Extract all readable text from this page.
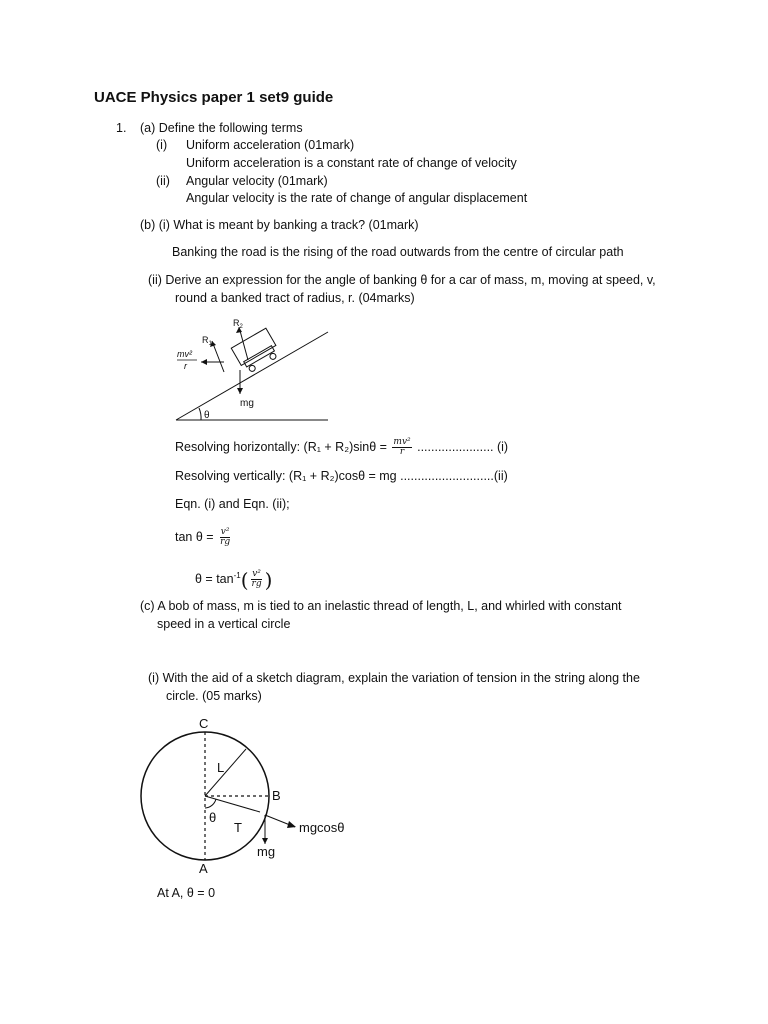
UACE Physics paper 1 set9 guide
1. (a) Define the following terms
(i) Uniform acceleration (01mark)
Uniform acceleration is a constant rate of change of velocity
(ii) Angular velocity (01mark)
Angular velocity is the rate of change of angular displacement
(b) (i) What is meant by banking a track? (01mark)
Banking the road is the rising of the road outwards from the centre of circular path
(ii) Derive an expression for the angle of banking θ for a car of mass, m, moving at speed, v,
round a banked tract of radius, r. (04marks)
θ
$R_2$
$R_1$
mv²
r
mg
Resolving horizontally: $(R_1 + R_2)\sin\theta = \frac{\text{mv²}}{r}$ ...................... (i)
Resolving vertically: (R₁ + R₂)cosθ = mg ...........................(ii)
Eqn. (i) and Eqn. (ii);
$\tan \theta = \frac{\text{v²}}{rg}$
$\theta = \tan^{-1}( \frac{\text{v²}}{rg}$ )
(c) A bob of mass, m is tied to an inelastic thread of length, L, and whirled with constant
speed in a vertical circle
(i) With the aid of a sketch diagram, explain the variation of tension in the string along the
circle. (05 marks)
C
L
B
θ
T	mgcosθ
mg
A
At A, θ = 0
